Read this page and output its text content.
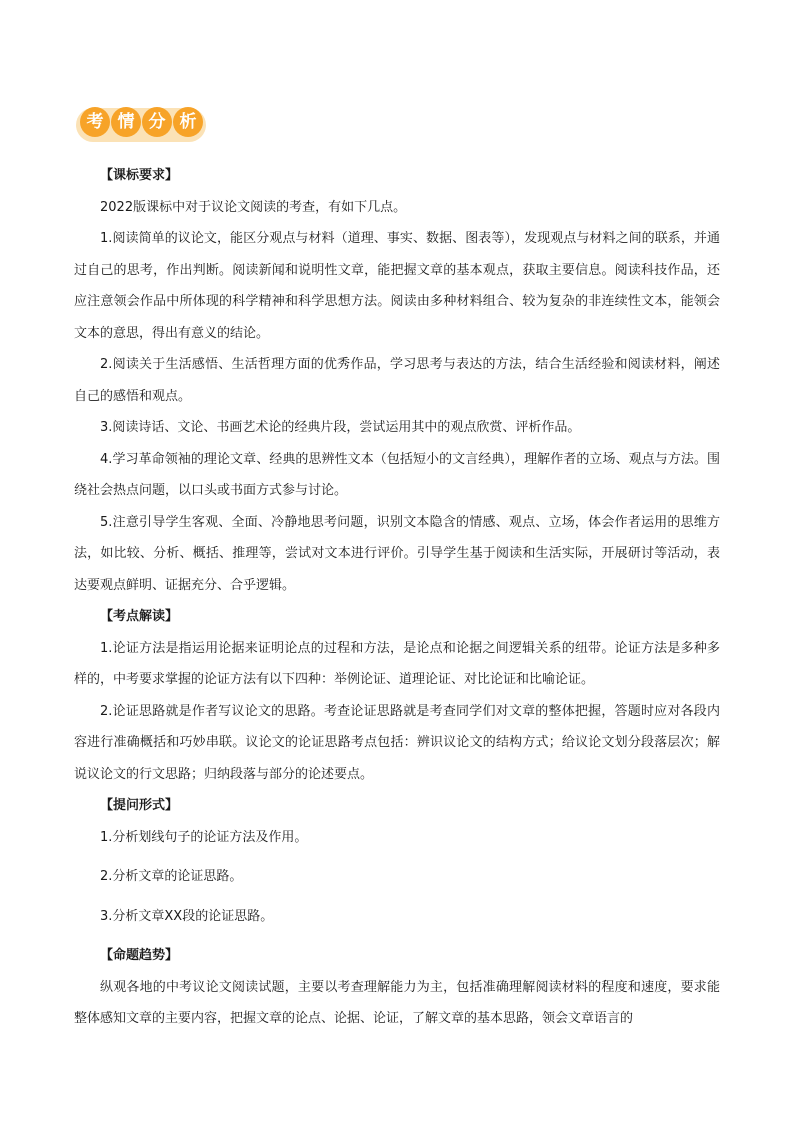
考 情 分 析

【课标要求】

2022版课标中对于议论文阅读的考查，有如下几点。

1.阅读简单的议论文，能区分观点与材料（道理、事实、数据、图表等），发现观点与材料之间的联系，并通过自己的思考，作出判断。阅读新闻和说明性文章，能把握文章的基本观点，获取主要信息。阅读科技作品，还应注意领会作品中所体现的科学精神和科学思想方法。阅读由多种材料组合、较为复杂的非连续性文本，能领会文本的意思，得出有意义的结论。

2.阅读关于生活感悟、生活哲理方面的优秀作品，学习思考与表达的方法，结合生活经验和阅读材料，阐述自己的感悟和观点。

3.阅读诗话、文论、书画艺术论的经典片段，尝试运用其中的观点欣赏、评析作品。

4.学习革命领袖的理论文章、经典的思辨性文本（包括短小的文言经典），理解作者的立场、观点与方法。围绕社会热点问题，以口头或书面方式参与讨论。

5.注意引导学生客观、全面、冷静地思考问题，识别文本隐含的情感、观点、立场，体会作者运用的思维方法，如比较、分析、概括、推理等，尝试对文本进行评价。引导学生基于阅读和生活实际，开展研讨等活动，表达要观点鲜明、证据充分、合乎逻辑。

【考点解读】

1.论证方法是指运用论据来证明论点的过程和方法，是论点和论据之间逻辑关系的纽带。论证方法是多种多样的，中考要求掌握的论证方法有以下四种：举例论证、道理论证、对比论证和比喻论证。

2.论证思路就是作者写议论文的思路。考查论证思路就是考查同学们对文章的整体把握，答题时应对各段内容进行准确概括和巧妙串联。议论文的论证思路考点包括：辨识议论文的结构方式；给议论文划分段落层次；解说议论文的行文思路；归纳段落与部分的论述要点。

【提问形式】

1.分析划线句子的论证方法及作用。

2.分析文章的论证思路。

3.分析文章XX段的论证思路。

【命题趋势】

纵观各地的中考议论文阅读试题，主要以考查理解能力为主，包括准确理解阅读材料的程度和速度，要求能整体感知文章的主要内容，把握文章的论点、论据、论证，了解文章的基本思路，领会文章语言的
